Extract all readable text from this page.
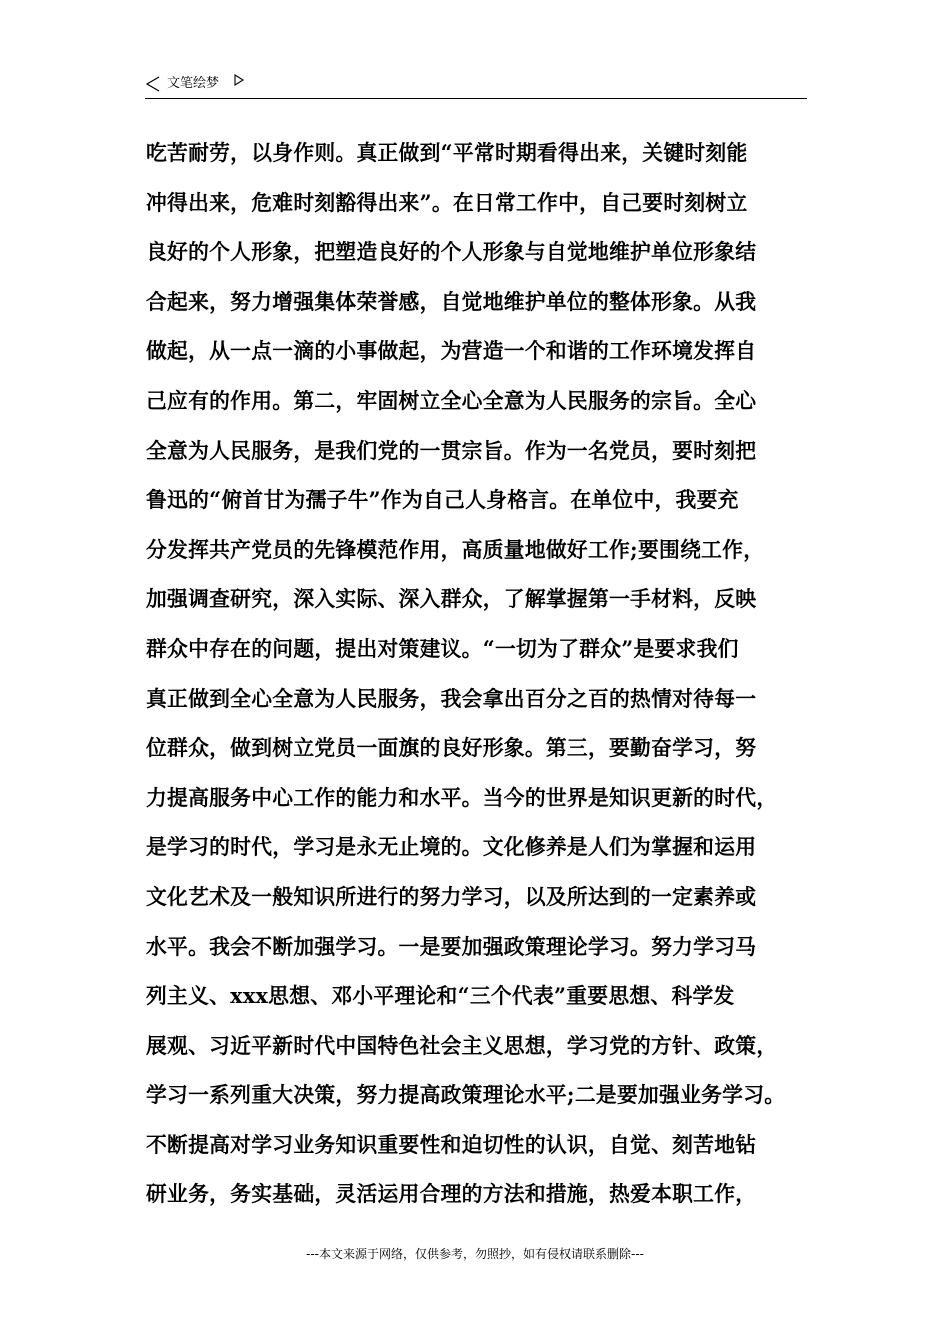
文笔绘梦
吃苦耐劳，以身作则。真正做到“平常时期看得出来，关键时刻能
冲得出来，危难时刻豁得出来”。在日常工作中，自己要时刻树立
良好的个人形象，把塑造良好的个人形象与自觉地维护单位形象结
合起来，努力增强集体荣誉感，自觉地维护单位的整体形象。从我
做起，从一点一滴的小事做起，为营造一个和谐的工作环境发挥自
己应有的作用。第二，牢固树立全心全意为人民服务的宗旨。全心
全意为人民服务，是我们党的一贯宗旨。作为一名党员，要时刻把
鲁迅的“俯首甘为孺子牛”作为自己人身格言。在单位中，我要充
分发挥共产党员的先锋模范作用，高质量地做好工作;要围绕工作，
加强调查研究，深入实际、深入群众，了解掌握第一手材料，反映
群众中存在的问题，提出对策建议。“一切为了群众”是要求我们
真正做到全心全意为人民服务，我会拿出百分之百的热情对待每一
位群众，做到树立党员一面旗的良好形象。第三，要勤奋学习，努
力提高服务中心工作的能力和水平。当今的世界是知识更新的时代，
是学习的时代，学习是永无止境的。文化修养是人们为掌握和运用
文化艺术及一般知识所进行的努力学习，以及所达到的一定素养或
水平。我会不断加强学习。一是要加强政策理论学习。努力学习马
列主义、xxx思想、邓小平理论和“三个代表”重要思想、科学发
展观、习近平新时代中国特色社会主义思想，学习党的方针、政策，
学习一系列重大决策，努力提高政策理论水平;二是要加强业务学习。
不断提高对学习业务知识重要性和迫切性的认识，自觉、刻苦地钻
研业务，务实基础，灵活运用合理的方法和措施，热爱本职工作，
---本文来源于网络，仅供参考，勿照抄，如有侵权请联系删除---
